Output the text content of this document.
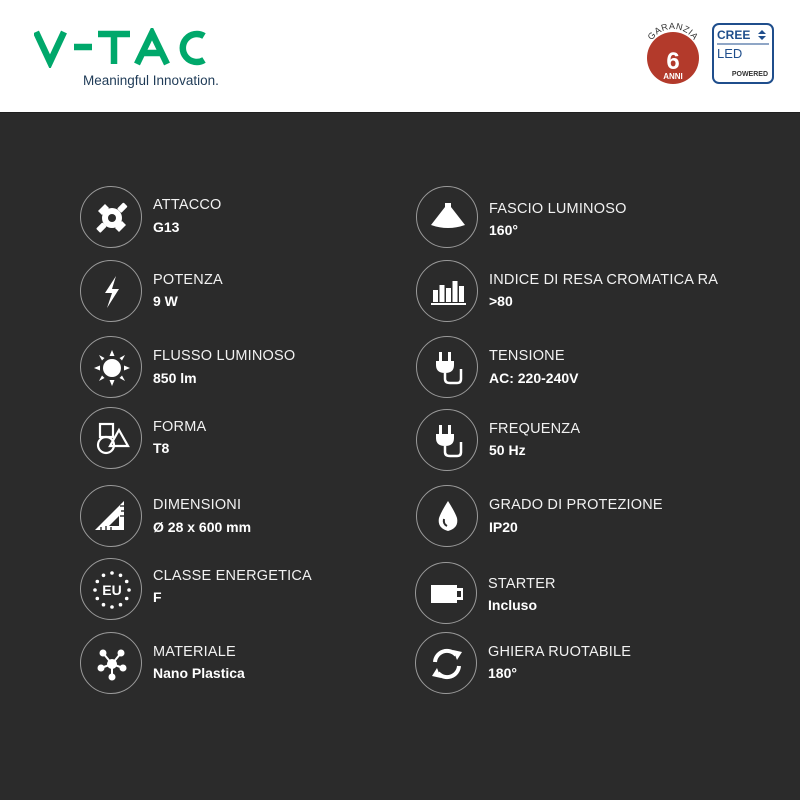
Meaningful Innovation.
GARANZIA
6
ANNI
CREE
LED
POWERED
ATTACCO
G13
POTENZA
9 W
FLUSSO LUMINOSO
850 lm
FORMA
T8
DIMENSIONI
Ø 28 x 600 mm
EU
CLASSE ENERGETICA
F
MATERIALE
Nano Plastica
FASCIO LUMINOSO
160°
INDICE DI RESA CROMATICA RA
>80
TENSIONE
AC: 220-240V
FREQUENZA
50 Hz
GRADO DI PROTEZIONE
IP20
STARTER
Incluso
GHIERA RUOTABILE
180°
